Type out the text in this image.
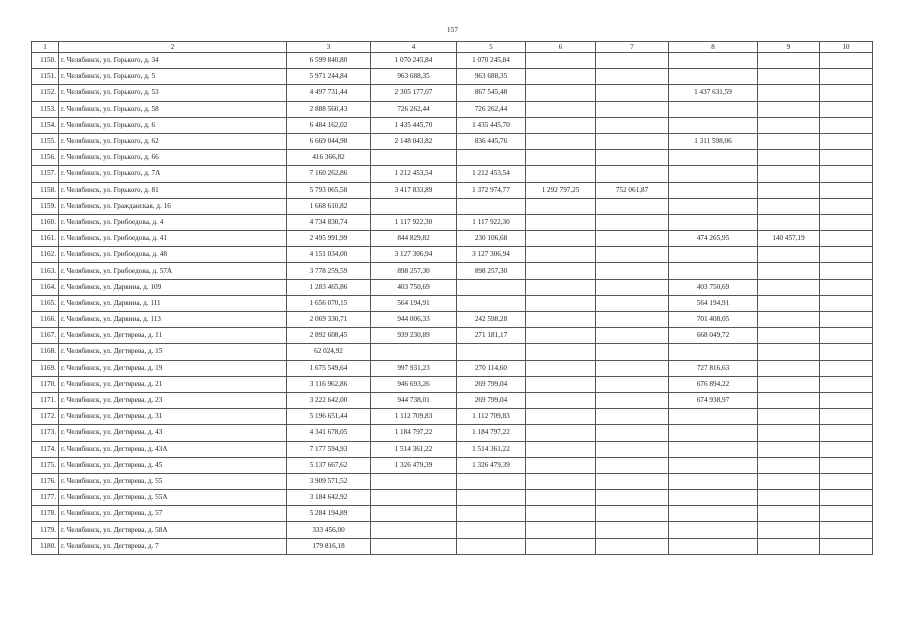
157
1	2	3	4	5	6	7	8	9	10
1150.	г. Челябинск, ул. Горького, д. 34	6 599 840,80	1 070 245,84	1 070 245,84					
1151.	г. Челябинск, ул. Горького, д. 5	5 971 244,84	963 688,35	963 688,35					
1152.	г. Челябинск, ул. Горького, д. 53	4 497 731,44	2 305 177,07	867 545,48			1 437 631,59		
1153.	г. Челябинск, ул. Горького, д. 58	2 888 560,43	726 262,44	726 262,44					
1154.	г. Челябинск, ул. Горького, д. 6	6 484 162,02	1 435 445,70	1 435 445,70					
1155.	г. Челябинск, ул. Горького, д. 62	6 669 044,98	2 148 043,82	836 445,76			1 311 598,06		
1156.	г. Челябинск, ул. Горького, д. 66	416 366,82							
1157.	г. Челябинск, ул. Горького, д. 7А	7 160 262,86	1 212 453,54	1 212 453,54					
1158.	г. Челябинск, ул. Горького, д. 81	5 793 065,58	3 417 833,89	1 372 974,77	1 292 797,25	752 061,87			
1159.	г. Челябинск, ул. Гражданская, д. 16	1 668 610,82							
1160.	г. Челябинск, ул. Грибоедова, д. 4	4 734 830,74	1 117 922,30	1 117 922,30					
1161.	г. Челябинск, ул. Грибоедова, д. 41	2 495 991,99	844 829,82	230 106,68			474 265,95	140 457,19	
1162.	г. Челябинск, ул. Грибоедова, д. 48	4 151 034,00	3 127 306,94	3 127 306,94					
1163.	г. Челябинск, ул. Грибоедова, д. 57А	3 778 259,59	898 257,30	898 257,30					
1164.	г. Челябинск, ул. Дарвина, д. 109	1 283 465,86	403 750,69				403 750,69		
1165.	г. Челябинск, ул. Дарвина, д. 111	1 656 070,15	564 194,91				564 194,91		
1166.	г. Челябинск, ул. Дарвина, д. 113	2 069 330,71	944 006,33	242 598,28			701 408,05		
1167.	г. Челябинск, ул. Дегтярева, д. 11	2 892 608,45	939 230,89	271 181,17			668 049,72		
1168.	г. Челябинск, ул. Дегтярева, д. 15	62 024,92							
1169.	г. Челябинск, ул. Дегтярева, д. 19	1 675 549,64	997 931,23	270 114,60			727 816,63		
1170.	г. Челябинск, ул. Дегтярева, д. 21	3 116 962,86	946 693,26	269 799,04			676 894,22		
1171.	г. Челябинск, ул. Дегтярева, д. 23	3 222 642,00	944 738,01	269 799,04			674 938,97		
1172.	г. Челябинск, ул. Дегтярева, д. 31	5 196 651,44	1 112 709,83	1 112 709,83					
1173.	г. Челябинск, ул. Дегтярева, д. 43	4 341 678,05	1 184 797,22	1 184 797,22					
1174.	г. Челябинск, ул. Дегтярева, д. 43А	7 177 594,93	1 514 361,22	1 514 361,22					
1175.	г. Челябинск, ул. Дегтярева, д. 45	5 137 667,62	1 326 479,39	1 326 479,39					
1176.	г. Челябинск, ул. Дегтярева, д. 55	3 909 571,52							
1177.	г. Челябинск, ул. Дегтярева, д. 55А	3 184 642,92							
1178.	г. Челябинск, ул. Дегтярева, д. 57	5 284 194,89							
1179.	г. Челябинск, ул. Дегтярева, д. 58А	333 456,00							
1180.	г. Челябинск, ул. Дегтярева, д. 7	179 816,18							
